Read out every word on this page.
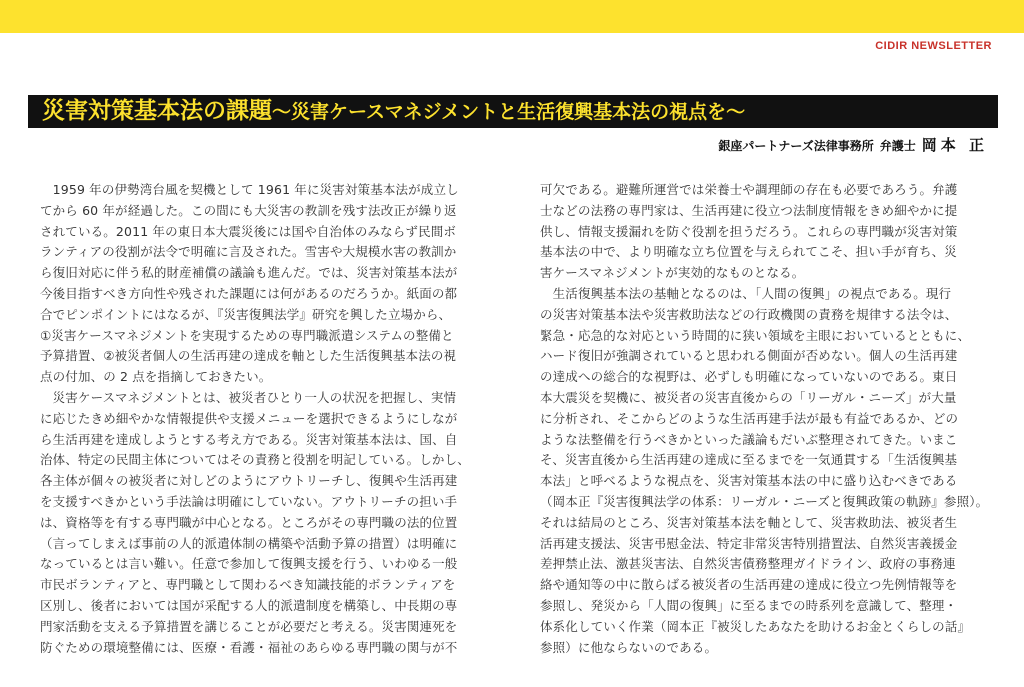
CIDIR NEWSLETTER
災害対策基本法の課題～災害ケースマネジメントと生活復興基本法の視点を～
銀座パートナーズ法律事務所 弁護士 岡本 正
　1959 年の伊勢湾台風を契機として 1961 年に災害対策基本法が成立し
てから 60 年が経過した。この間にも大災害の教訓を残す法改正が繰り返
されている。2011 年の東日本大震災後には国や自治体のみならず民間ボ
ランティアの役割が法令で明確に言及された。雪害や大規模水害の教訓か
ら復旧対応に伴う私的財産補償の議論も進んだ。では、災害対策基本法が
今後目指すべき方向性や残された課題には何があるのだろうか。紙面の都
合でピンポイントにはなるが、『災害復興法学』研究を興した立場から、
①災害ケースマネジメントを実現するための専門職派遣システムの整備と
予算措置、②被災者個人の生活再建の達成を軸とした生活復興基本法の視
点の付加、の 2 点を指摘しておきたい。
　災害ケースマネジメントとは、被災者ひとり一人の状況を把握し、実情
に応じたきめ細やかな情報提供や支援メニューを選択できるようにしなが
ら生活再建を達成しようとする考え方である。災害対策基本法は、国、自
治体、特定の民間主体についてはその責務と役割を明記している。しかし、
各主体が個々の被災者に対しどのようにアウトリーチし、復興や生活再建
を支援すべきかという手法論は明確にしていない。アウトリーチの担い手
は、資格等を有する専門職が中心となる。ところがその専門職の法的位置
（言ってしまえば事前の人的派遣体制の構築や活動予算の措置）は明確に
なっているとは言い難い。任意で参加して復興支援を行う、いわゆる一般
市民ボランティアと、専門職として関わるべき知識技能的ボランティアを
区別し、後者においては国が采配する人的派遣制度を構築し、中長期の専
門家活動を支える予算措置を講じることが必要だと考える。災害関連死を
防ぐための環境整備には、医療・看護・福祉のあらゆる専門職の関与が不
可欠である。避難所運営では栄養士や調理師の存在も必要であろう。弁護
士などの法務の専門家は、生活再建に役立つ法制度情報をきめ細やかに提
供し、情報支援漏れを防ぐ役割を担うだろう。これらの専門職が災害対策
基本法の中で、より明確な立ち位置を与えられてこそ、担い手が育ち、災
害ケースマネジメントが実効的なものとなる。
　生活復興基本法の基軸となるのは、「人間の復興」の視点である。現行
の災害対策基本法や災害救助法などの行政機関の責務を規律する法令は、
緊急・応急的な対応という時間的に狭い領域を主眼においているとともに、
ハード復旧が強調されていると思われる側面が否めない。個人の生活再建
の達成への総合的な視野は、必ずしも明確になっていないのである。東日
本大震災を契機に、被災者の災害直後からの「リーガル・ニーズ」が大量
に分析され、そこからどのような生活再建手法が最も有益であるか、どの
ような法整備を行うべきかといった議論もだいぶ整理されてきた。いまこ
そ、災害直後から生活再建の達成に至るまでを一気通貫する「生活復興基
本法」と呼べるような視点を、災害対策基本法の中に盛り込むべきである
（岡本正『災害復興法学の体系：リーガル・ニーズと復興政策の軌跡』参照）。
それは結局のところ、災害対策基本法を軸として、災害救助法、被災者生
活再建支援法、災害弔慰金法、特定非常災害特別措置法、自然災害義援金
差押禁止法、激甚災害法、自然災害債務整理ガイドライン、政府の事務連
絡や通知等の中に散らばる被災者の生活再建の達成に役立つ先例情報等を
参照し、発災から「人間の復興」に至るまでの時系列を意識して、整理・
体系化していく作業（岡本正『被災したあなたを助けるお金とくらしの話』
参照）に他ならないのである。
